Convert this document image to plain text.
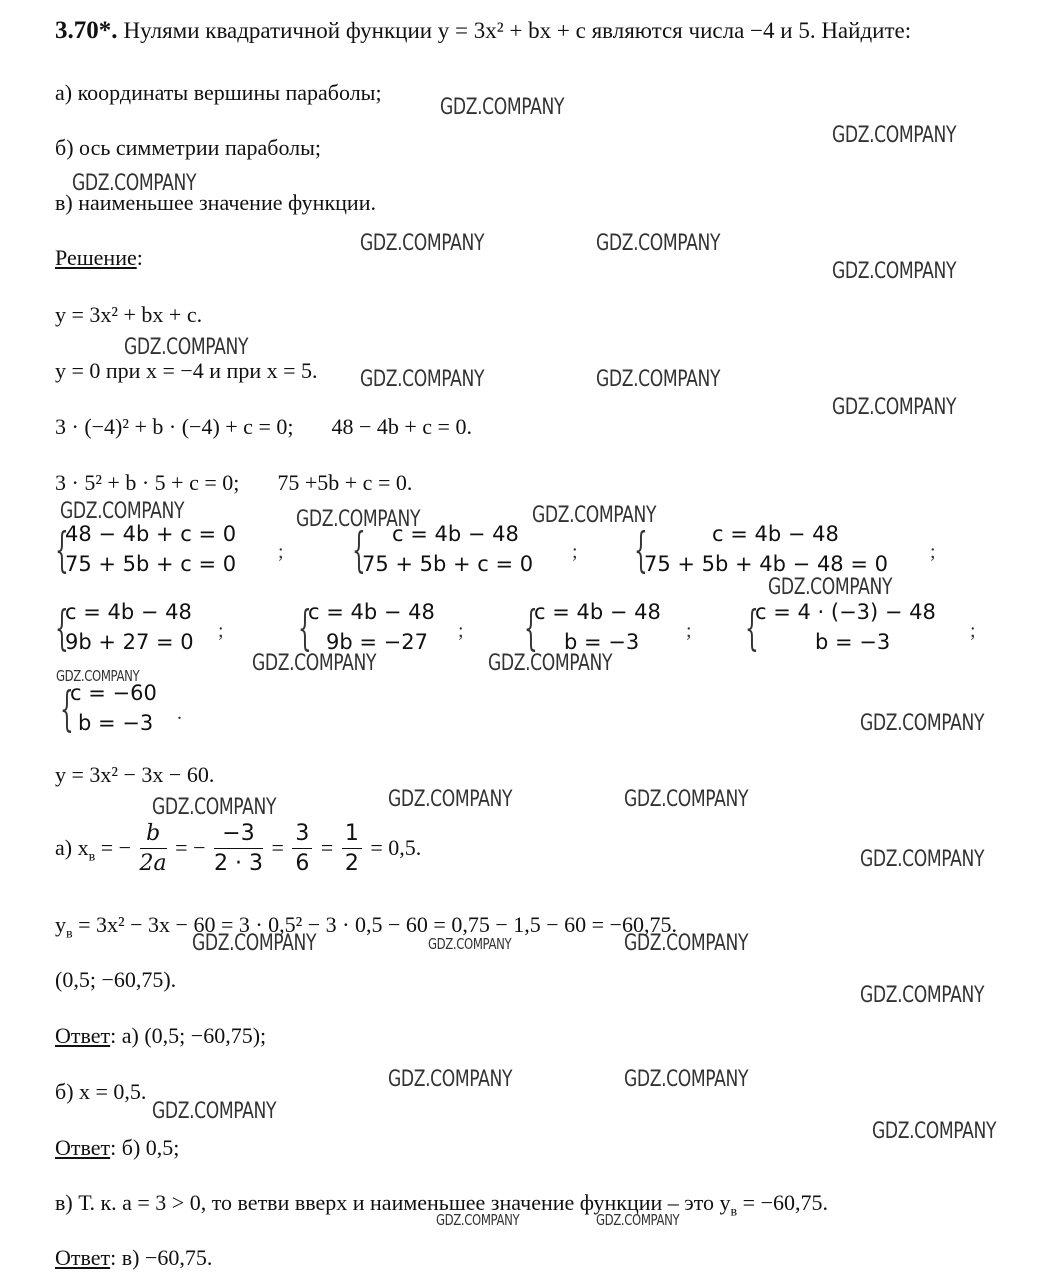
3.70*. Нулями квадратичной функции y = 3x² + bx + c являются числа −4 и 5. Найдите:
а) координаты вершины параболы;
б) ось симметрии параболы;
в) наименьшее значение функции.
Решение:
y = 3x² + bx + c.
y = 0 при x = −4 и при x = 5.
3 · (−4)² + b · (−4) + c = 0; 48 − 4b + c = 0.
3 · 5² + b · 5 + c = 0; 75 +5b + c = 0.
{
48 − 4b + c = 0
75 + 5b + c = 0 ; { c = 4b − 48
75 + 5b + c = 0 ; {	c = 4b − 48
75 + 5b + 4b − 48 = 0 ;
{
c = 4b − 48
9b + 27 = 0 ; {
c = 4b − 48
9b = −27 ; {
c = 4b − 48
b = −3 ; {
c = 4 · (−3) − 48
b = −3	;
{
c = −60
b = −3 .
y = 3x² − 3x − 60.
а) $x_в$ = − $\frac{b}{2a}$ = − $\frac{-3}{2 \cdot 3} = \frac{3}{6} = \frac{1}{2} = 0,5$.
$y_в = 3x^2 - 3x - 60 = 3 \cdot 0,5^2 - 3 \cdot 0,5 - 60 = 0,75 - 1,5 - 60 = -60,75$.
(0,5; −60,75).
Ответ: а) (0,5; −60,75);
б) x = 0,5.
Ответ: б) 0,5;
в) Т. к. a = 3 > 0, то ветви вверх и наименьшее значение функции – это $y_в = -60,75$.
Ответ: в) −60,75.
GDZ.COMPANY
GDZ.COMPANY
GDZ.COMPANY
GDZ.COMPANY	GDZ.COMPANY
GDZ.COMPANY
GDZ.COMPANY
GDZ.COMPANY	GDZ.COMPANY
GDZ.COMPANY
GDZ.COMPANY	GDZ.COMPANY	GDZ.COMPANY
GDZ.COMPANY
GDZ.COMPANY	GDZ.COMPANY
GDZ.COMPANY
GDZ.COMPANY
GDZ.COMPANY	GDZ.COMPANY	GDZ.COMPANY
GDZ.COMPANY
GDZ.COMPANY	GDZ.COMPANY	GDZ.COMPANY
GDZ.COMPANY
GDZ.COMPANY	GDZ.COMPANY
GDZ.COMPANY
GDZ.COMPANY
GDZ.COMPANY	GDZ.COMPANY
